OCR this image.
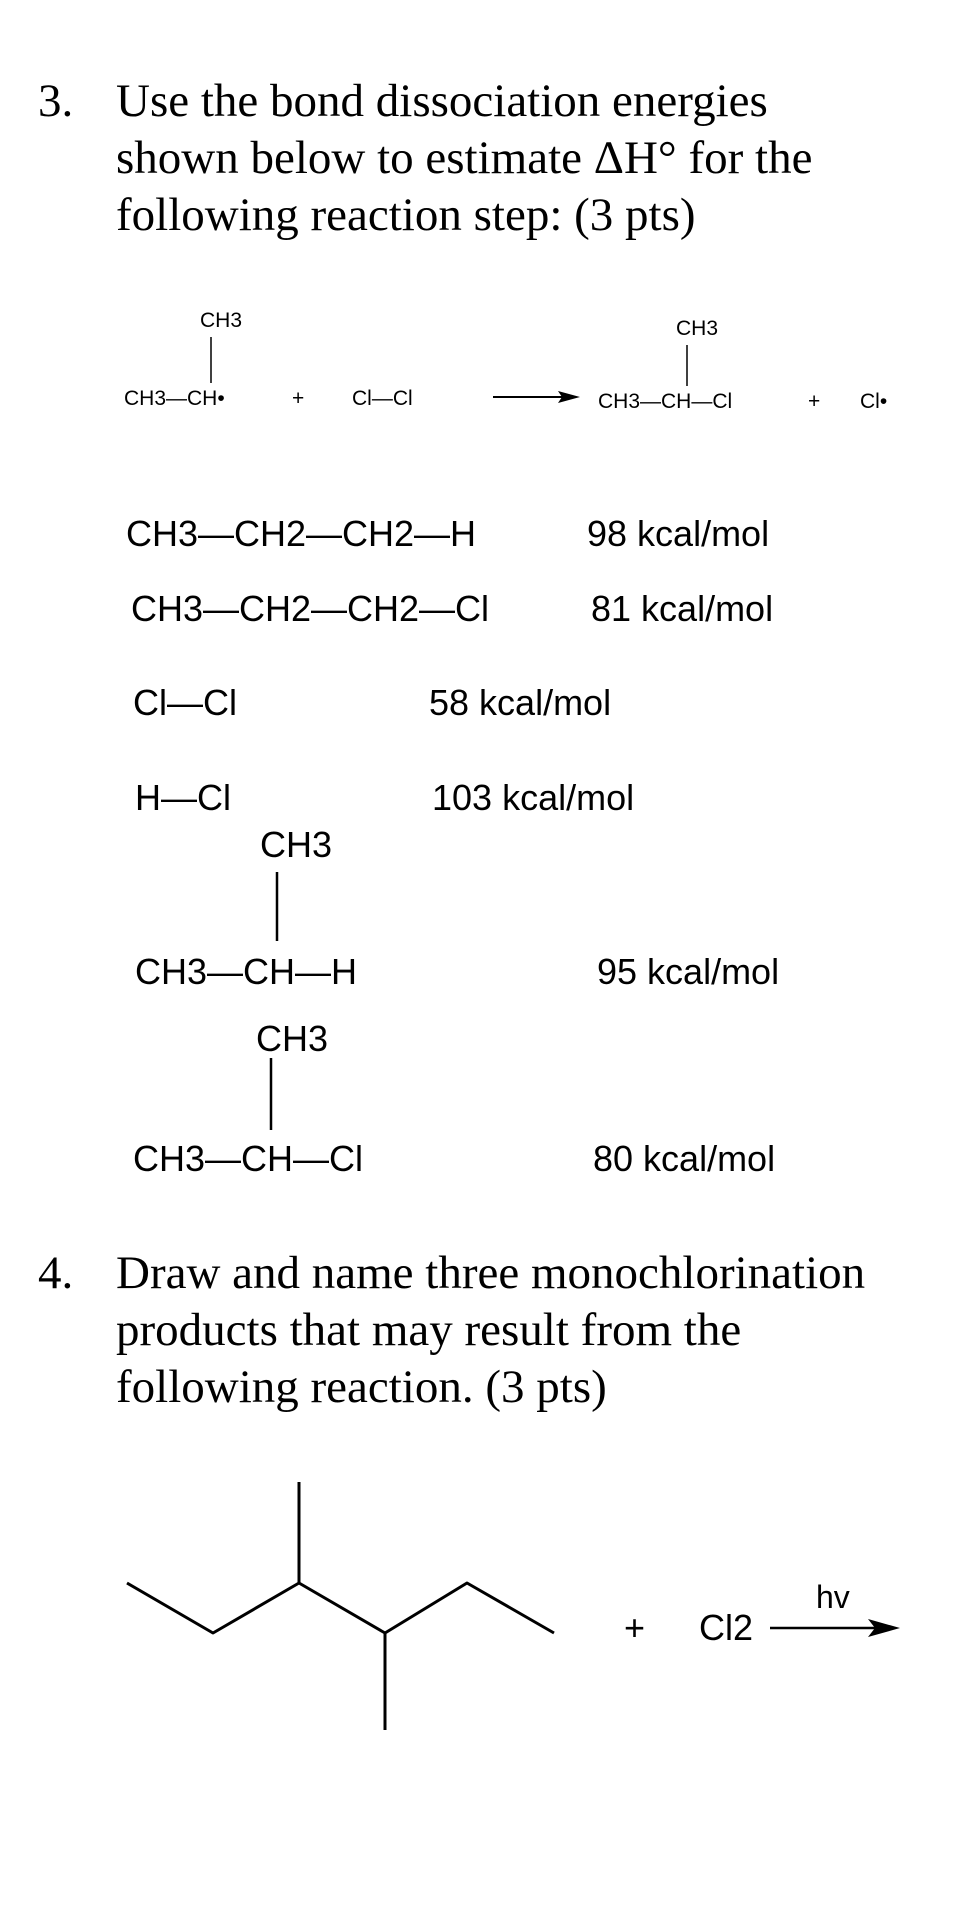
3. Use the bond dissociation energies
shown below to estimate ΔH° for the
following reaction step: (3 pts)
CH3
CH3—CH•	+ Cl—Cl
CH3
CH3—CH—Cl	+ Cl•
CH3—CH2—CH2—H	98 kcal/mol
CH3—CH2—CH2—Cl	81 kcal/mol
Cl—Cl	58 kcal/mol
H—Cl	103 kcal/mol
CH3
CH3—CH—H	95 kcal/mol
CH3
CH3—CH—Cl	80 kcal/mol
4. Draw and name three monochlorination
products that may result from the
following reaction. (3 pts)
+ Cl2
hv
